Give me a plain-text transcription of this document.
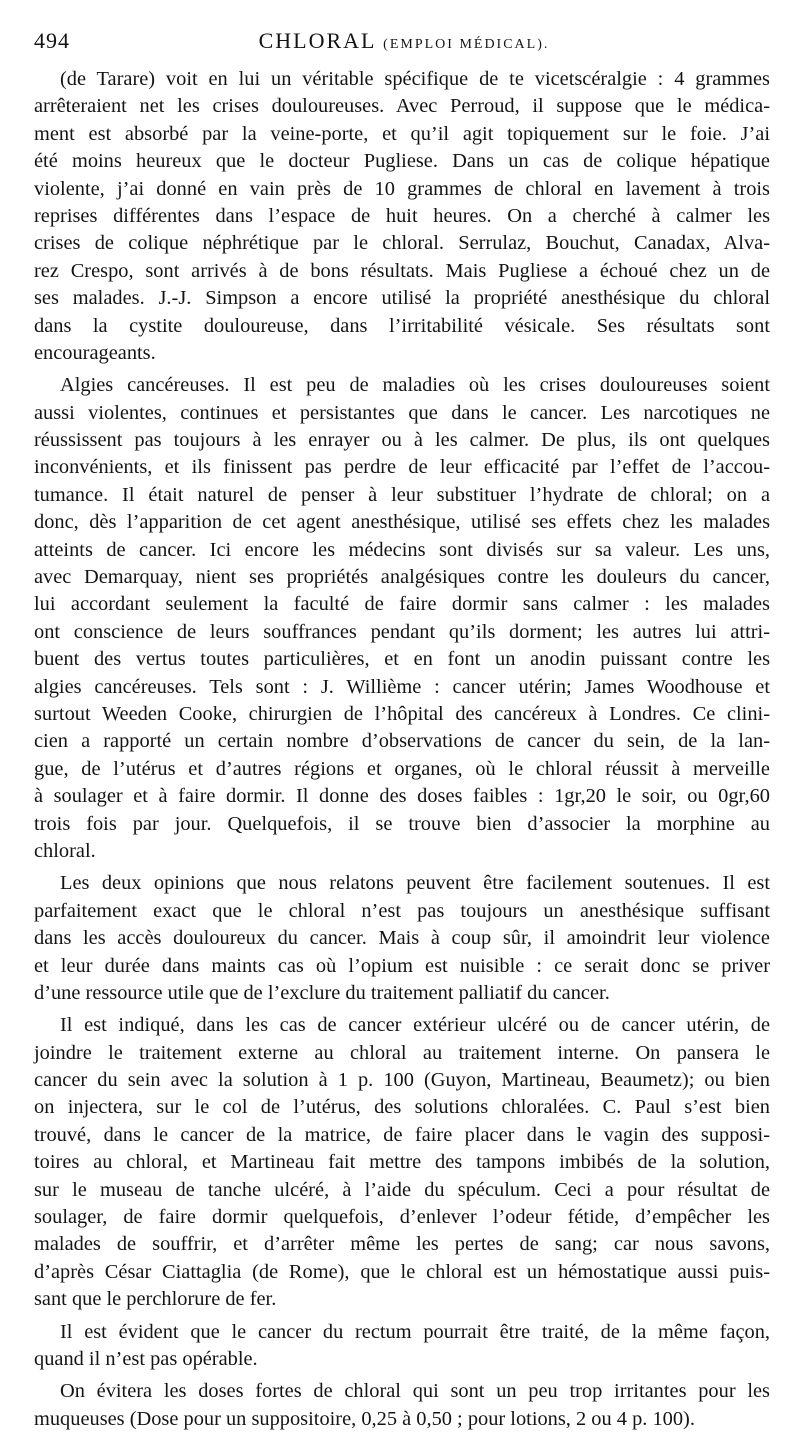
494	CHLORAL (EMPLOI MÉDICAL).
(de Tarare) voit en lui un véritable spécifique de te vicetscéralgie : 4 grammes
arrêteraient net les crises douloureuses. Avec Perroud, il suppose que le médica-
ment est absorbé par la veine-porte, et qu’il agit topiquement sur le foie. J’ai
été moins heureux que le docteur Pugliese. Dans un cas de colique hépatique
violente, j’ai donné en vain près de 10 grammes de chloral en lavement à trois
reprises différentes dans l’espace de huit heures. On a cherché à calmer les
crises de colique néphrétique par le chloral. Serrulaz, Bouchut, Canadax, Alva-
rez Crespo, sont arrivés à de bons résultats. Mais Pugliese a échoué chez un de
ses malades. J.-J. Simpson a encore utilisé la propriété anesthésique du chloral
dans la cystite douloureuse, dans l’irritabilité vésicale. Ses résultats sont
encourageants.
Algies cancéreuses. Il est peu de maladies où les crises douloureuses soient
aussi violentes, continues et persistantes que dans le cancer. Les narcotiques ne
réussissent pas toujours à les enrayer ou à les calmer. De plus, ils ont quelques
inconvénients, et ils finissent pas perdre de leur efficacité par l’effet de l’accou-
tumance. Il était naturel de penser à leur substituer l’hydrate de chloral; on a
donc, dès l’apparition de cet agent anesthésique, utilisé ses effets chez les malades
atteints de cancer. Ici encore les médecins sont divisés sur sa valeur. Les uns,
avec Demarquay, nient ses propriétés analgésiques contre les douleurs du cancer,
lui accordant seulement la faculté de faire dormir sans calmer : les malades
ont conscience de leurs souffrances pendant qu’ils dorment; les autres lui attri-
buent des vertus toutes particulières, et en font un anodin puissant contre les
algies cancéreuses. Tels sont : J. Willième : cancer utérin; James Woodhouse et
surtout Weeden Cooke, chirurgien de l’hôpital des cancéreux à Londres. Ce clini-
cien a rapporté un certain nombre d’observations de cancer du sein, de la lan-
gue, de l’utérus et d’autres régions et organes, où le chloral réussit à merveille
à soulager et à faire dormir. Il donne des doses faibles : 1gr,20 le soir, ou 0gr,60
trois fois par jour. Quelquefois, il se trouve bien d’associer la morphine au
chloral.
Les deux opinions que nous relatons peuvent être facilement soutenues. Il est
parfaitement exact que le chloral n’est pas toujours un anesthésique suffisant
dans les accès douloureux du cancer. Mais à coup sûr, il amoindrit leur violence
et leur durée dans maints cas où l’opium est nuisible : ce serait donc se priver
d’une ressource utile que de l’exclure du traitement palliatif du cancer.
Il est indiqué, dans les cas de cancer extérieur ulcéré ou de cancer utérin, de
joindre le traitement externe au chloral au traitement interne. On pansera le
cancer du sein avec la solution à 1 p. 100 (Guyon, Martineau, Beaumetz); ou bien
on injectera, sur le col de l’utérus, des solutions chloralées. C. Paul s’est bien
trouvé, dans le cancer de la matrice, de faire placer dans le vagin des supposi-
toires au chloral, et Martineau fait mettre des tampons imbibés de la solution,
sur le museau de tanche ulcéré, à l’aide du spéculum. Ceci a pour résultat de
soulager, de faire dormir quelquefois, d’enlever l’odeur fétide, d’empêcher les
malades de souffrir, et d’arrêter même les pertes de sang; car nous savons,
d’après César Ciattaglia (de Rome), que le chloral est un hémostatique aussi puis-
sant que le perchlorure de fer.
Il est évident que le cancer du rectum pourrait être traité, de la même façon,
quand il n’est pas opérable.
On évitera les doses fortes de chloral qui sont un peu trop irritantes pour les
muqueuses (Dose pour un suppositoire, 0,25 à 0,50 ; pour lotions, 2 ou 4 p. 100).
